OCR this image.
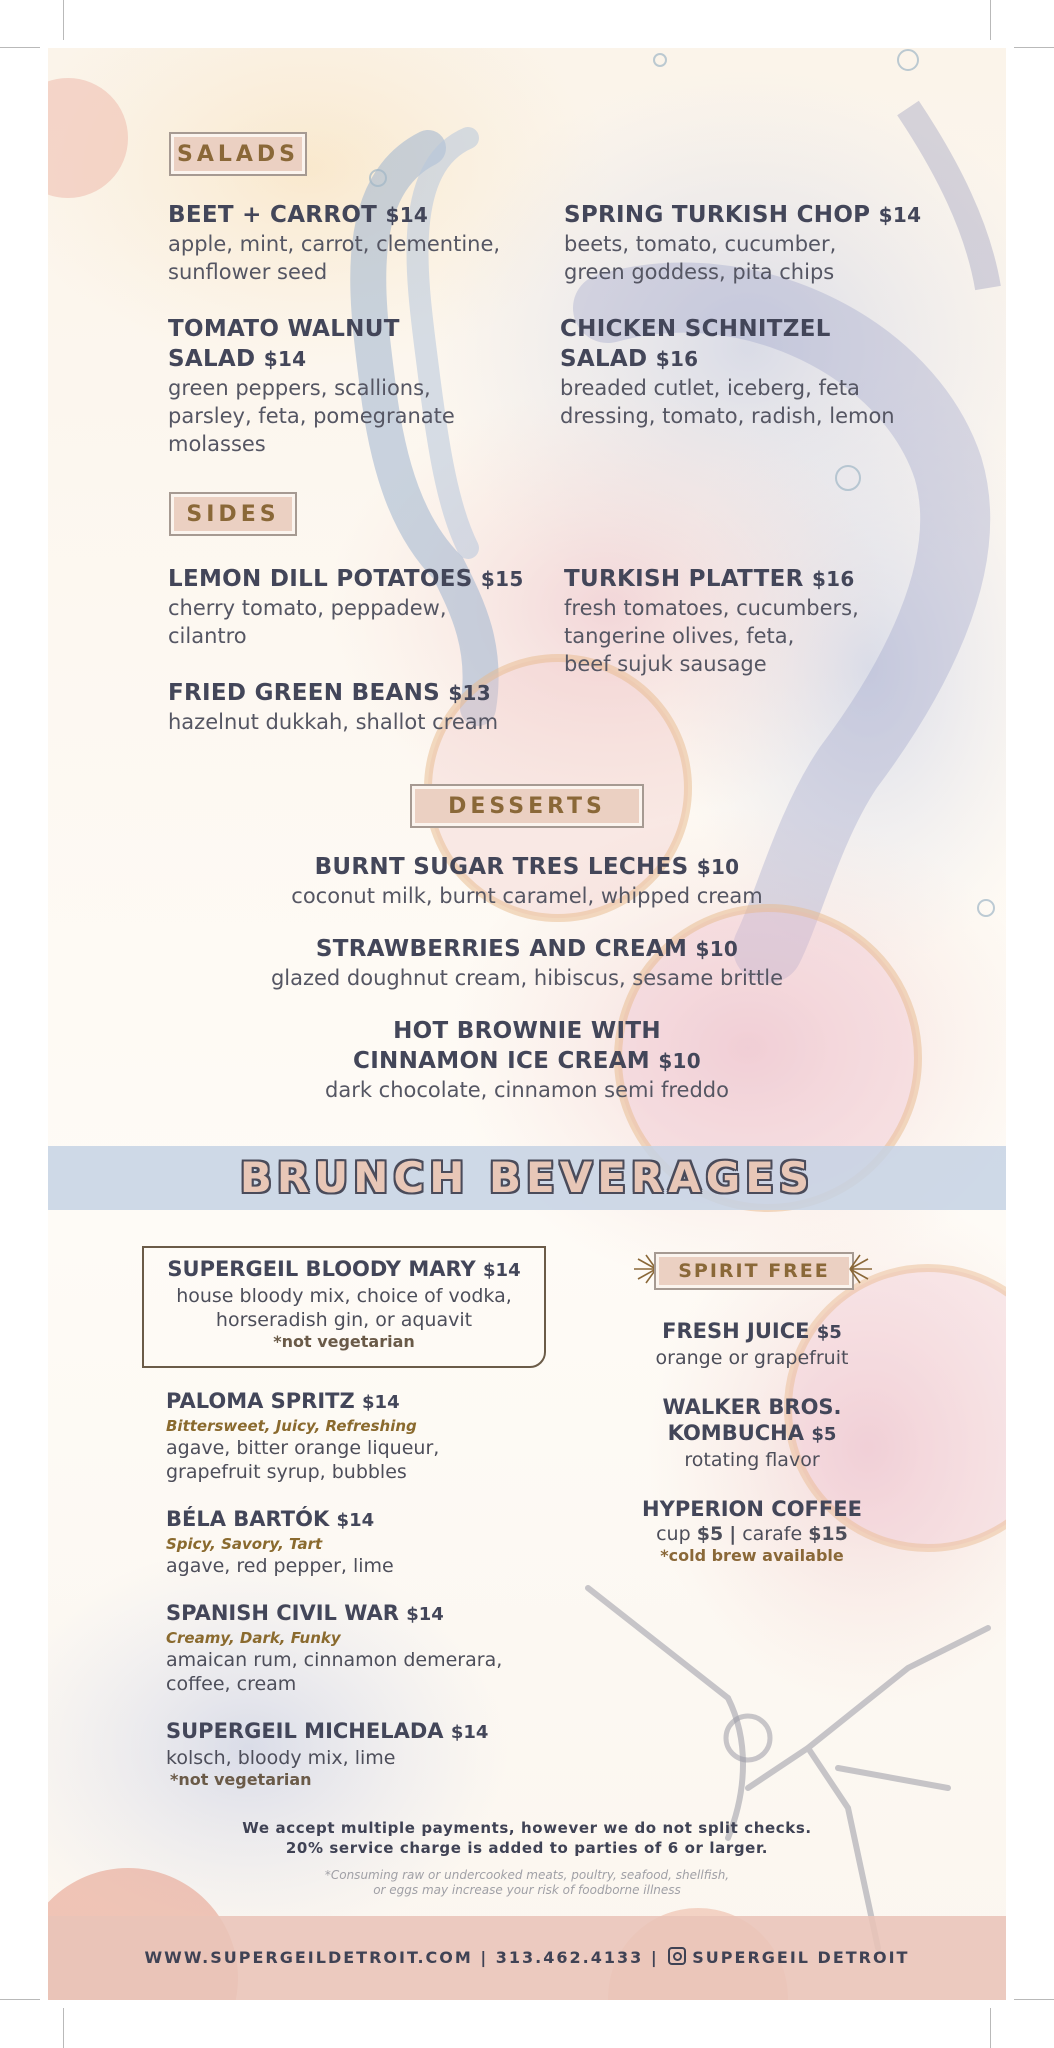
SALADS
BEET + CARROT $14
apple, mint, carrot, clementine,
sunflower seed
SPRING TURKISH CHOP $14
beets, tomato, cucumber,
green goddess, pita chips
TOMATO WALNUT
SALAD $14
green peppers, scallions,
parsley, feta, pomegranate
molasses
CHICKEN SCHNITZEL
SALAD $16
breaded cutlet, iceberg, feta
dressing, tomato, radish, lemon
SIDES
LEMON DILL POTATOES $15
cherry tomato, peppadew,
cilantro
TURKISH PLATTER $16
fresh tomatoes, cucumbers,
tangerine olives, feta,
beef sujuk sausage
FRIED GREEN BEANS $13
hazelnut dukkah, shallot cream
DESSERTS
BURNT SUGAR TRES LECHES $10
coconut milk, burnt caramel, whipped cream
STRAWBERRIES AND CREAM $10
glazed doughnut cream, hibiscus, sesame brittle
HOT BROWNIE WITH
CINNAMON ICE CREAM $10
dark chocolate, cinnamon semi freddo
BRUNCH BEVERAGES
SUPERGEIL BLOODY MARY $14
house bloody mix, choice of vodka,
horseradish gin, or aquavit
*not vegetarian
PALOMA SPRITZ $14
Bittersweet, Juicy, Refreshing
agave, bitter orange liqueur,
grapefruit syrup, bubbles
BÉLA BARTÓK $14
Spicy, Savory, Tart
agave, red pepper, lime
SPANISH CIVIL WAR $14
Creamy, Dark, Funky
amaican rum, cinnamon demerara,
coffee, cream
SUPERGEIL MICHELADA $14
kolsch, bloody mix, lime
*not vegetarian
SPIRIT FREE
FRESH JUICE $5
orange or grapefruit
WALKER BROS.
KOMBUCHA $5
rotating flavor
HYPERION COFFEE
cup $5 | carafe $15
*cold brew available
We accept multiple payments, however we do not split checks.
20% service charge is added to parties of 6 or larger.
*Consuming raw or undercooked meats, poultry, seafood, shellfish,
or eggs may increase your risk of foodborne illness
WWW.SUPERGEILDETROIT.COM | 313.462.4133 | SUPERGEIL DETROIT
